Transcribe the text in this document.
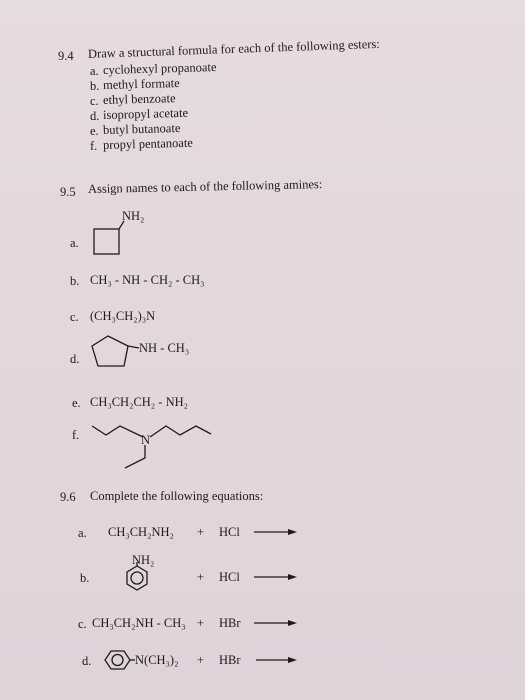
9.4 Draw a structural formula for each of the following esters:
a. cyclohexyl propanoate
b. methyl formate
c. ethyl benzoate
d. isopropyl acetate
e. butyl butanoate
f. propyl pentanoate
9.5 Assign names to each of the following amines:
a.
NH₂
b. CH₃ - NH - CH₂ - CH₃
c. (CH₃CH₂)₃N
d.
NH - CH₃
e. CH₃CH₂CH₂ - NH₂
f.	N
9.6 Complete the following equations:
a. CH₃CH₂NH₂ + HCl
b.
NH₂
+ HCl
c. CH₃CH₂NH - CH₃ + HBr
d.	N(CH₃)₂ + HBr
